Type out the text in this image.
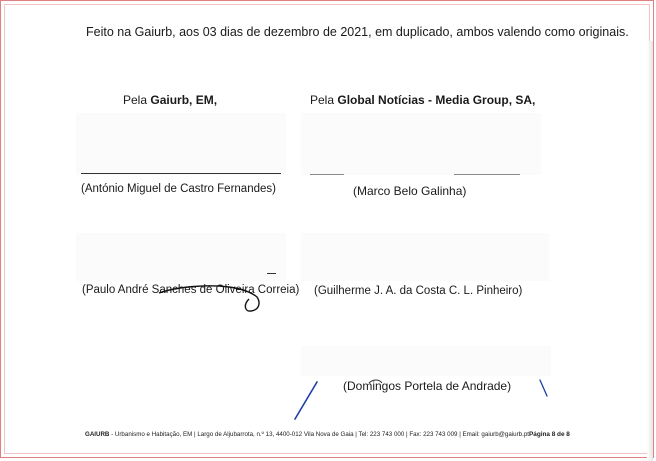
Feito na Gaiurb, aos 03 dias de dezembro de 2021, em duplicado, ambos valendo como originais.
Pela Gaiurb, EM,	Pela Global Notícias - Media Group, SA,
(António Miguel de Castro Fernandes)	(Marco Belo Galinha)
(Paulo André Sanches de Oliveira Correia) (Guilherme J. A. da Costa C. L. Pinheiro)
(Domingos Portela de Andrade)
GAIURB - Urbanismo e Habitação, EM | Largo de Aljubarrota, n.º 13, 4400-012 Vila Nova de Gaia | Tel: 223 743 000 | Fax: 223 743 009 | Email: gaiurb@gaiurb.pt Página 8 de 8
